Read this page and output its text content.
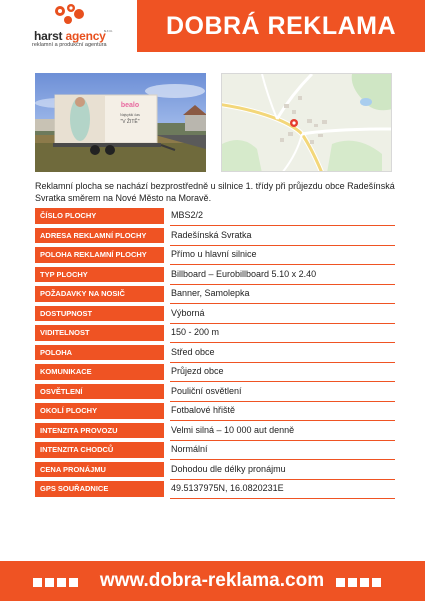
harst agency
s.r.o.
reklamní a produkční agentura
DOBRÁ REKLAMA
bealo
Najvyšší čas
"V ŽITĚ"

Reklamní plocha se nachází bezprostředně u silnice 1. třídy při průjezdu obce Radešínská Svratka směrem na Nové Město na Moravě.

ČÍSLO PLOCHY	MBS2/2
ADRESA REKLAMNÍ PLOCHY	Radešínská Svratka
POLOHA REKLAMNÍ PLOCHY	Přímo u hlavní silnice
TYP PLOCHY	Billboard – Eurobillboard 5.10 x 2.40
POŽADAVKY NA NOSIČ	Banner, Samolepka
DOSTUPNOST	Výborná
VIDITELNOST	150 - 200 m
POLOHA	Střed obce
KOMUNIKACE	Průjezd obce
OSVĚTLENÍ	Pouliční osvětlení
OKOLÍ PLOCHY	Fotbalové hřiště
INTENZITA PROVOZU	Velmi silná – 10 000 aut denně
INTENZITA CHODCŮ	Normální
CENA PRONÁJMU	Dohodou dle délky pronájmu
GPS SOUŘADNICE	49.5137975N, 16.0820231E
www.dobra-reklama.com
